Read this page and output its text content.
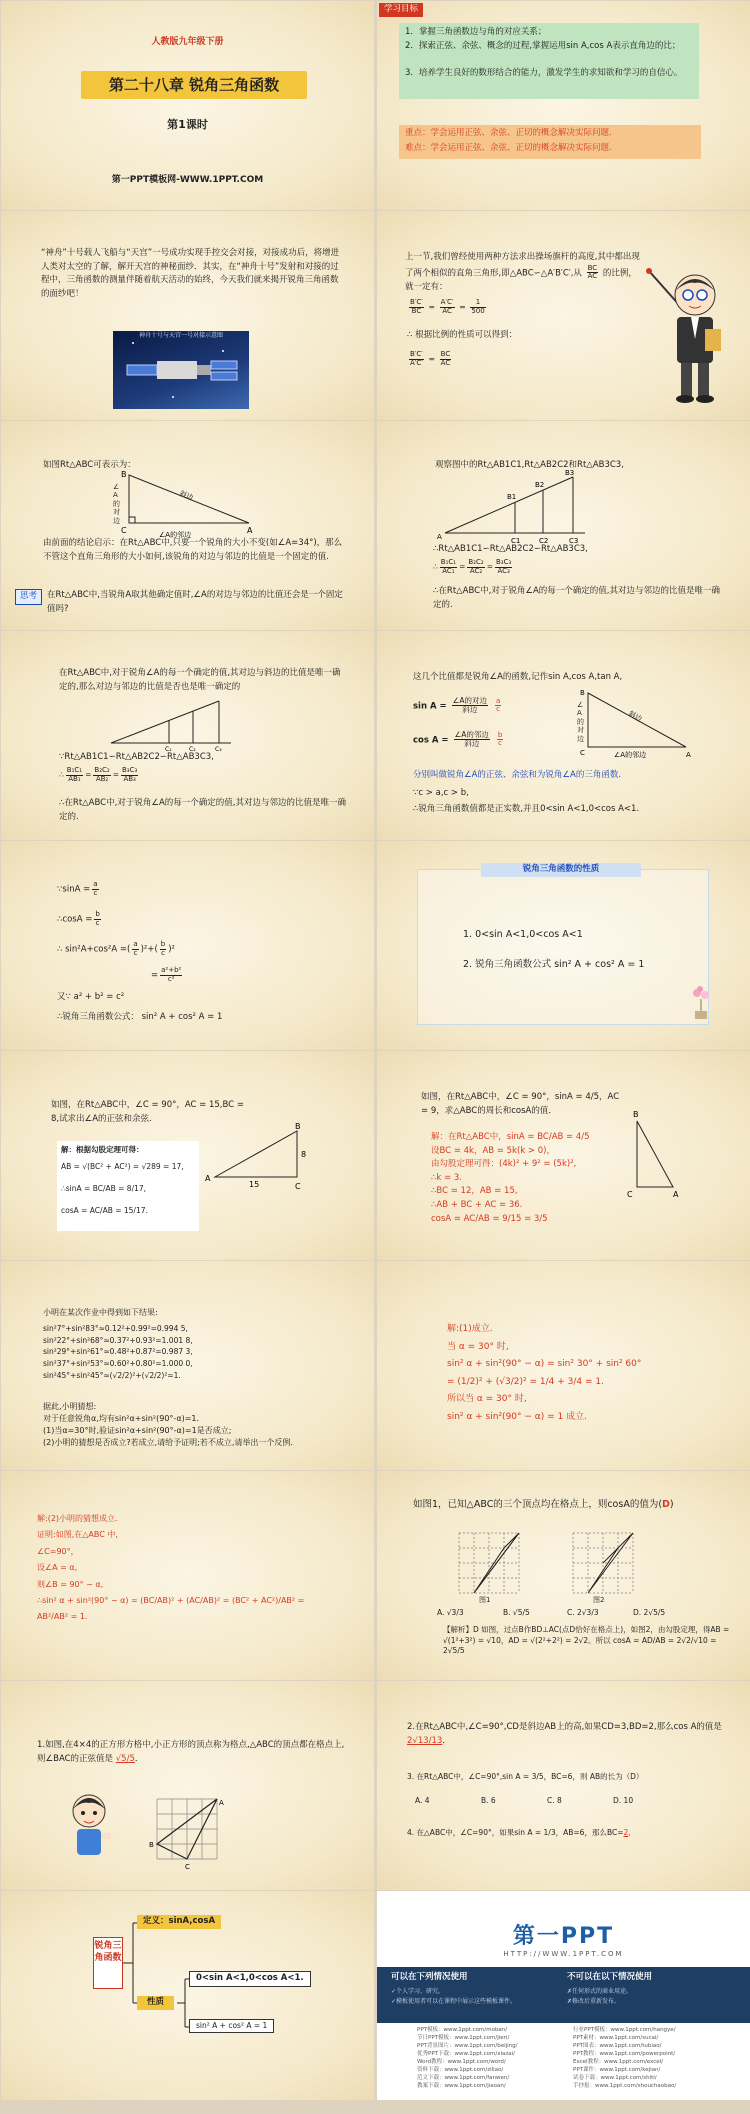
人教版九年级下册
第二十八章 锐角三角函数
第1课时
第一PPT模板网-WWW.1PPT.COM
学习目标
1．掌握三角函数边与角的对应关系；
2．探索正弦、余弦、概念的过程,掌握运用sin A,cos A表示直角边的比；
3．培养学生良好的数形结合的能力，激发学生的求知欲和学习的自信心。
重点：学会运用正弦、余弦、正切的概念解决实际问题.
难点：学会运用正弦、余弦、正切的概念解决实际问题.
“神舟”十号载人飞船与“天宫”一号成功实现手控交会对接，对接成功后，将增进人类对太空的了解，解开天宫的神秘面纱．其实，在“神舟十号”发射和对接的过程中，三角函数的测量伴随着航天活动的始终，今天我们就来揭开锐角三角函数的面纱吧！
神舟十号与天宫一号对接示意图
上一节,我们曾经使用两种方法求出操场旗杆的高度,其中都出现了两个相似的直角三角形,即△ABC∽△A′B′C′,从 $\frac{BC}{AC}$ 的比例，就一定有：
$\frac{B'C'}{BC} = \frac{A'C'}{AC} = \frac{1}{500}$
∴ 根据比例的性质可以得到：
$\frac{B'C'}{A'C'} = \frac{BC}{AC}$
如图Rt△ABC可表示为：
B
C	A
斜边
∠A的邻边
∠A的对边
由前面的结论启示：在Rt△ABC中,只要一个锐角的大小不变(如∠A=34°)，那么不管这个直角三角形的大小如何,该锐角的对边与邻边的比值是一个固定的值.
思考	在Rt△ABC中,当锐角A取其他确定值时,∠A的对边与邻边的比值还会是一个固定值吗?
观察图中的Rt△AB1C1,Rt△AB2C2和Rt△AB3C3,
A
B1
B2
B3
C1	C2	C3
∴Rt△AB1C1∽Rt△AB2C2∽Rt△AB3C3,
∴ $\frac{\text{B₁C₁}}{\text{AC₁}} = \frac{\text{B₂C₂}}{\text{AC₂}} = \frac{\text{B₃C₃}}{\text{AC₃}}$
∴在Rt△ABC中,对于锐角∠A的每一个确定的值,其对边与邻边的比值是唯一确定的.
在Rt△ABC中,对于锐角∠A的每一个确定的值,其对边与斜边的比值是唯一确定的,那么对边与邻边的比值是否也是唯一确定的
C₁	C₂	C₃
∵Rt△AB1C1∽Rt△AB2C2∽Rt△AB3C3,
∴ $\frac{\text{B₁C₁}}{\text{AB₁}} = \frac{\text{B₂C₂}}{\text{AB₂}} = \frac{\text{B₃C₃}}{\text{AB₃}}$
∴在Rt△ABC中,对于锐角∠A的每一个确定的值,其对边与邻边的比值是唯一确定的.
这几个比值都是锐角∠A的函数,记作sin A,cos A,tan A,
$\sin A = \frac{\text{∠A的对边}}{\text{斜边}}$
$\frac{a}{c}$
$\cos A = \frac{\text{∠A的邻边}}{\text{斜边}}$
$\frac{b}{c}$
B
C	A
斜边
∠A的邻边
∠A的对边
分别叫做锐角∠A的正弦、余弦和为锐角∠A的三角函数.
∵c > a,c > b,
∴锐角三角函数值都是正实数,并且0<sin A<1,0<cos A<1.
∵sinA = $\frac{a}{c}$
∴cosA = $\frac{b}{c}$
∴ sin²A+cos²A =( $\frac{a}{c} )^2+( \frac{b}{c} )^2$
= $\frac{\text{a²+b²}}{\text{c²}}$
又∵ a² + b² = c²
∴锐角三角函数公式： sin² A + cos² A = 1
锐角三角函数的性质
1. 0<sin A<1,0<cos A<1
2. 锐角三角函数公式 sin² A + cos² A = 1
如图，在Rt△ABC中，∠C = 90°，AC = 15,BC = 8,试求出∠A的正弦和余弦.
解：根据勾股定理可得：
AB = √(BC² + AC²) = √289 = 17,
∴sinA = BC/AB = 8/17,
cosA = AC/AB = 15/17.
A
B
C
15
8
如图，在Rt△ABC中，∠C = 90°，sinA = 4/5，AC = 9，求△ABC的周长和cosA的值．
解：在Rt△ABC中，sinA = BC/AB = 4/5
设BC = 4k，AB = 5k(k > 0)，
由勾股定理可得：(4k)² + 9² = (5k)²,
∴k = 3.
∴BC = 12，AB = 15,
∴AB + BC + AC = 36.
cosA = AC/AB = 9/15 = 3/5
B
C	A
小明在某次作业中得到如下结果:
sin²7°+sin²83°≈0.12²+0.99²=0.994 5,
sin²22°+sin²68°≈0.37²+0.93²=1.001 8,
sin²29°+sin²61°≈0.48²+0.87²=0.987 3,
sin²37°+sin²53°≈0.60²+0.80²=1.000 0,
sin²45°+sin²45°≈(√2/2)²+(√2/2)²=1.
据此,小明猜想:
对于任意锐角α,均有sin²α+sin²(90°-α)=1.
(1)当α=30°时,验证sin²α+sin²(90°-α)=1是否成立;
(2)小明的猜想是否成立?若成立,请给予证明;若不成立,请举出一个反例.
解:(1)成立.
当 α = 30° 时,
sin² α + sin²(90° − α) = sin² 30° + sin² 60°
= (1/2)² + (√3/2)² = 1/4 + 3/4 = 1.
所以当 α = 30° 时,
sin² α + sin²(90° − α) = 1 成立.
解:(2)小明的猜想成立.
证明:如图,在△ABC 中,
∠C=90°，
设∠A = α,
则∠B = 90° − α,
∴sin² α + sin²(90° − α) = (BC/AB)² + (AC/AB)² = (BC² + AC²)/AB² = AB²/AB² = 1.
如图1，已知△ABC的三个顶点均在格点上，则cosA的值为(D)
图1	图2
A. √3/3	B. √5/5	C. 2√3/3	D. 2√5/5
【解析】D 如图，过点B作BD⊥AC(点D恰好在格点上)，如图2，由勾股定理，得AB = √(1²+3²) = √10，AD = √(2²+2²) = 2√2。所以 cosA = AD/AB = 2√2/√10 = 2√5/5
1.如图,在4×4的正方形方格中,小正方形的顶点称为格点,△ABC的顶点都在格点上,则∠BAC的正弦值是 √5/5．
A
B
C
2.在Rt△ABC中,∠C=90°,CD是斜边AB上的高,如果CD=3,BD=2,那么cos A的值是 2√13/13．
3. 在Rt△ABC中，∠C=90°,sin A = 3/5，BC=6，则 AB的长为（D）
A. 4	B. 6	C. 8	D. 10
4. 在△ABC中，∠C=90°，如果sin A = 1/3，AB=6，那么BC=2．
锐角三角函数
定义：sinA,cosA
性质
0<sin A<1,0<cos A<1.
sin² A + cos² A = 1
第一PPT
HTTP://WWW.1PPT.COM
可以在下列情况使用
✓个人学习、研究。
✓模板使用者可以在课程中展示这些模板课件。
不可以在以下情况使用
✗任何形式的商业用途。
✗修改后重新发布。
PPT模板：www.1ppt.com/moban/
节日PPT模板：www.1ppt.com/jieri/
PPT背景图片：www.1ppt.com/beijing/
优秀PPT下载：www.1ppt.com/xiazai/
Word教程：www.1ppt.com/word/
资料下载：www.1ppt.com/ziliao/
范文下载：www.1ppt.com/fanwen/
教案下载：www.1ppt.com/jiaoan/
行业PPT模板：www.1ppt.com/hangye/
PPT素材：www.1ppt.com/sucai/
PPT图表：www.1ppt.com/tubiao/
PPT教程：www.1ppt.com/powerpoint/
Excel教程：www.1ppt.com/excel/
PPT课件：www.1ppt.com/kejian/
试卷下载：www.1ppt.com/shiti/
手抄报：www.1ppt.com/shouchaobao/
